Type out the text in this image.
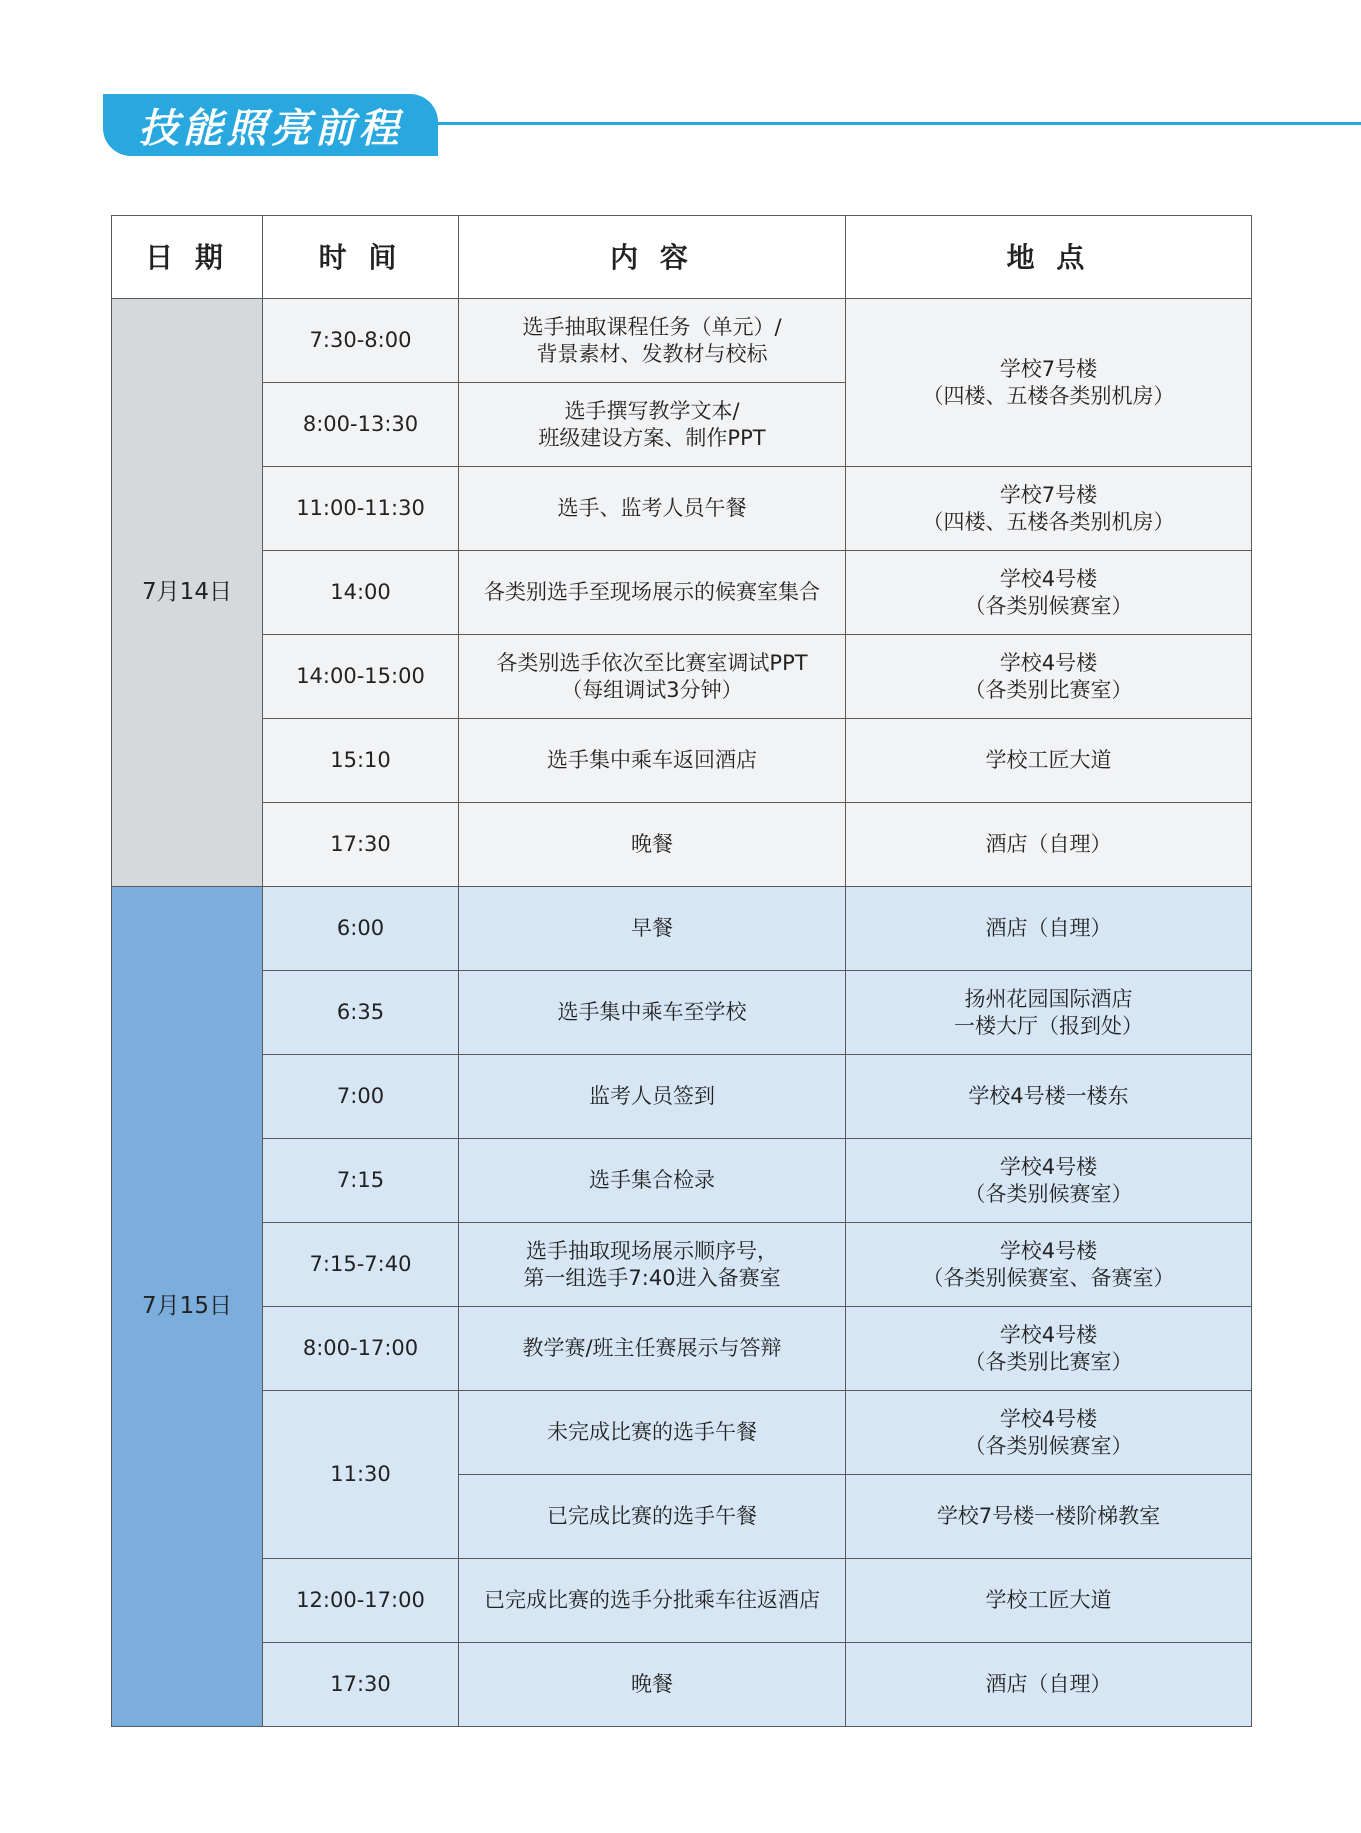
技能照亮前程
日 期	时 间	内 容	地 点
7月14日	7:30-8:00	选手抽取课程任务（单元）/
背景素材、发教材与校标	学校7号楼
（四楼、五楼各类别机房）

	8:00-13:30	选手撰写教学文本/
班级建设方案、制作PPT	

	11:00-11:30	选手、监考人员午餐	学校7号楼
（四楼、五楼各类别机房）

	14:00	各类别选手至现场展示的候赛室集合	学校4号楼
（各类别候赛室）

	14:00-15:00	各类别选手依次至比赛室调试PPT
（每组调试3分钟）	学校4号楼
（各类别比赛室）

	15:10	选手集中乘车返回酒店	学校工匠大道

	17:30	晚餐	酒店（自理）

7月15日	6:00	早餐	酒店（自理）

	6:35	选手集中乘车至学校	扬州花园国际酒店
一楼大厅（报到处）

	7:00	监考人员签到	学校4号楼一楼东

	7:15	选手集合检录	学校4号楼
（各类别候赛室）

	7:15-7:40	选手抽取现场展示顺序号，
第一组选手7:40进入备赛室	学校4号楼
（各类别候赛室、备赛室）

	8:00-17:00	教学赛/班主任赛展示与答辩	学校4号楼
（各类别比赛室）

	11:30	未完成比赛的选手午餐	学校4号楼
（各类别候赛室）

		已完成比赛的选手午餐	学校7号楼一楼阶梯教室

	12:00-17:00	已完成比赛的选手分批乘车往返酒店	学校工匠大道

	17:30	晚餐	酒店（自理）
